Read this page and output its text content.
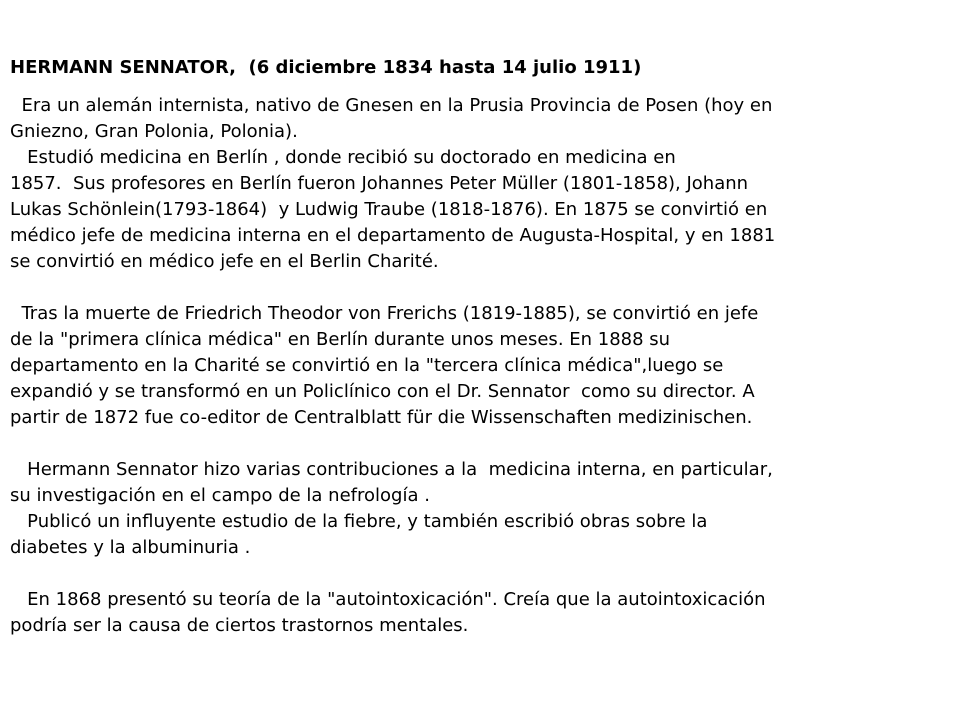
HERMANN SENNATOR,  (6 diciembre 1834 hasta 14 julio 1911)
Era un alemán internista, nativo de Gnesen en la Prusia Provincia de Posen (hoy en
Gniezno, Gran Polonia, Polonia).
Estudió medicina en Berlín , donde recibió su doctorado en medicina en
1857.  Sus profesores en Berlín fueron Johannes Peter Müller (1801-1858), Johann
Lukas Schönlein(1793-1864)  y Ludwig Traube (1818-1876). En 1875 se convirtió en
médico jefe de medicina interna en el departamento de Augusta-Hospital, y en 1881
se convirtió en médico jefe en el Berlin Charité.
Tras la muerte de Friedrich Theodor von Frerichs (1819-1885), se convirtió en jefe
de la "primera clínica médica" en Berlín durante unos meses. En 1888 su
departamento en la Charité se convirtió en la "tercera clínica médica",luego se
expandió y se transformó en un Policlínico con el Dr. Sennator  como su director. A
partir de 1872 fue co-editor de Centralblatt für die Wissenschaften medizinischen.
Hermann Sennator hizo varias contribuciones a la  medicina interna, en particular,
su investigación en el campo de la nefrología .
Publicó un influyente estudio de la fiebre, y también escribió obras sobre la
diabetes y la albuminuria .
En 1868 presentó su teoría de la "autointoxicación". Creía que la autointoxicación
podría ser la causa de ciertos trastornos mentales.
